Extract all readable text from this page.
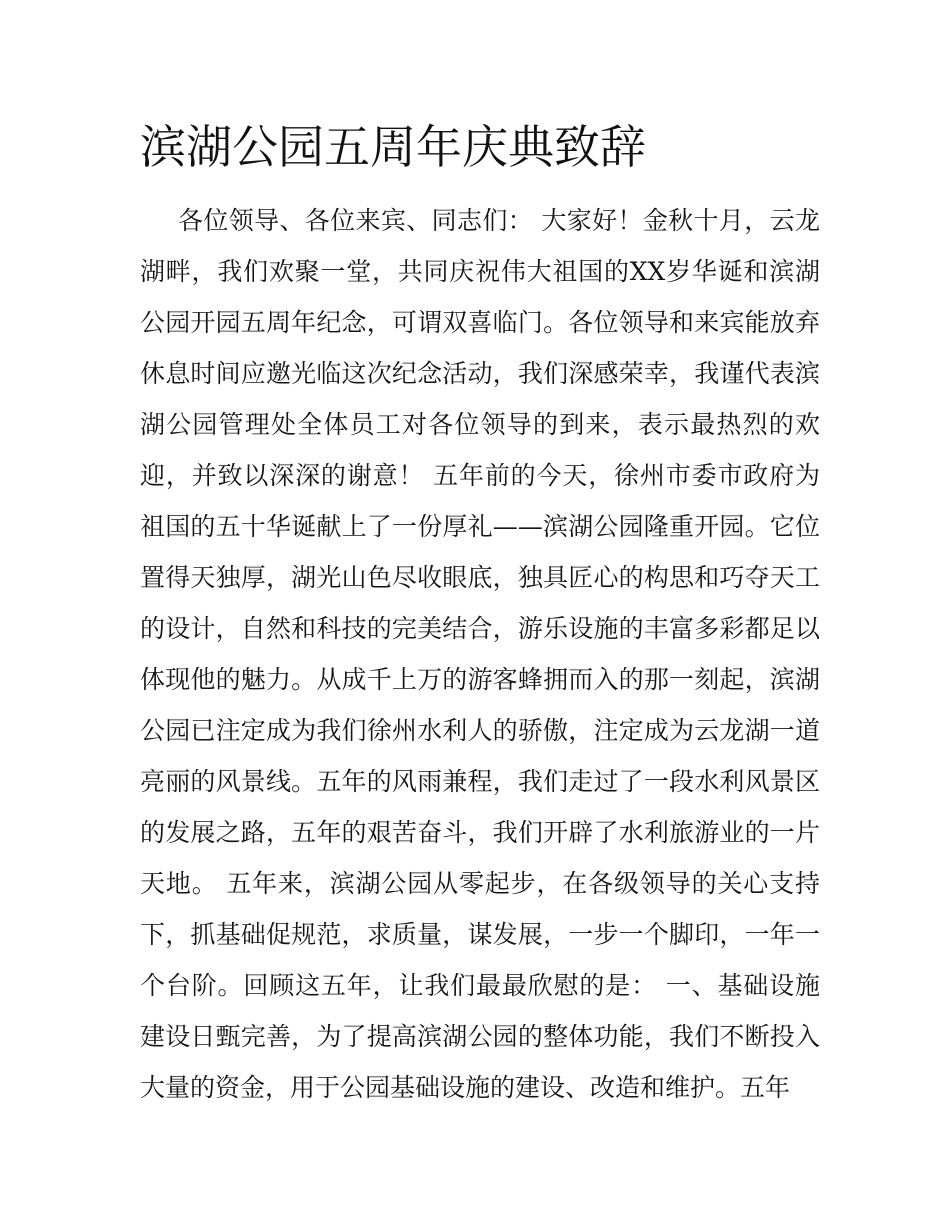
滨湖公园五周年庆典致辞

各位领导、各位来宾、同志们： 大家好！金秋十月，云龙

湖畔，我们欢聚一堂，共同庆祝伟大祖国的XX岁华诞和滨湖

公园开园五周年纪念，可谓双喜临门。各位领导和来宾能放弃

休息时间应邀光临这次纪念活动，我们深感荣幸，我谨代表滨

湖公园管理处全体员工对各位领导的到来，表示最热烈的欢

迎，并致以深深的谢意！ 五年前的今天，徐州市委市政府为

祖国的五十华诞献上了一份厚礼——滨湖公园隆重开园。它位

置得天独厚，湖光山色尽收眼底，独具匠心的构思和巧夺天工

的设计，自然和科技的完美结合，游乐设施的丰富多彩都足以

体现他的魅力。从成千上万的游客蜂拥而入的那一刻起，滨湖

公园已注定成为我们徐州水利人的骄傲，注定成为云龙湖一道

亮丽的风景线。五年的风雨兼程，我们走过了一段水利风景区

的发展之路，五年的艰苦奋斗，我们开辟了水利旅游业的一片

天地。 五年来，滨湖公园从零起步，在各级领导的关心支持

下，抓基础促规范，求质量，谋发展，一步一个脚印，一年一

个台阶。回顾这五年，让我们最最欣慰的是： 一、基础设施

建设日甄完善，为了提高滨湖公园的整体功能，我们不断投入

大量的资金，用于公园基础设施的建设、改造和维护。五年
